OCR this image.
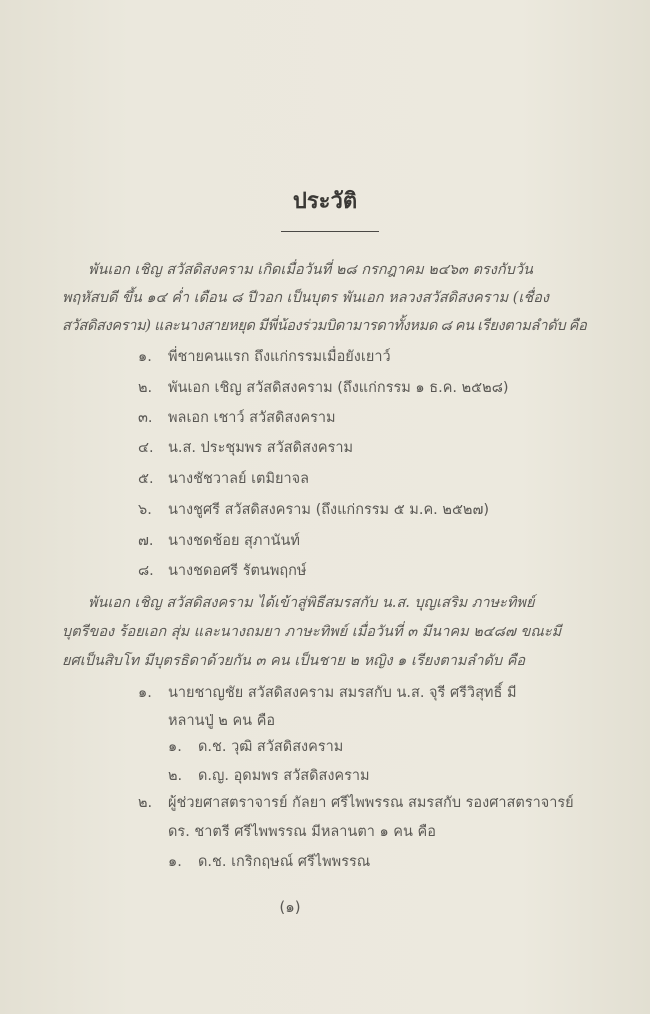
ประวัติ
พันเอก เชิญ สวัสดิสงคราม เกิดเมื่อวันที่ ๒๘ กรกฎาคม ๒๔๖๓ ตรงกับวัน
พฤหัสบดี ขึ้น ๑๔ ค่ำ เดือน ๘ ปีวอก เป็นบุตร พันเอก หลวงสวัสดิสงคราม (เชื่อง
สวัสดิสงคราม) และนางสายหยุด มีพี่น้องร่วมบิดามารดาทั้งหมด ๘ คน เรียงตามลำดับ คือ
๑. พี่ชายคนแรก ถึงแก่กรรมเมื่อยังเยาว์
๒. พันเอก เชิญ สวัสดิสงคราม (ถึงแก่กรรม ๑ ธ.ค. ๒๕๒๘)
๓. พลเอก เชาว์ สวัสดิสงคราม
๔. น.ส. ประชุมพร สวัสดิสงคราม
๕. นางชัชวาลย์ เตมิยาจล
๖. นางชูศรี สวัสดิสงคราม (ถึงแก่กรรม ๕ ม.ค. ๒๕๒๗)
๗. นางชดช้อย สุภานันท์
๘. นางชดอศรี รัตนพฤกษ์
พันเอก เชิญ สวัสดิสงคราม ได้เข้าสู่พิธีสมรสกับ น.ส. บุญเสริม ภาษะทิพย์
บุตรีของ ร้อยเอก สุ่ม และนางถมยา ภาษะทิพย์ เมื่อวันที่ ๓ มีนาคม ๒๔๘๗ ขณะมี
ยศเป็นสิบโท มีบุตรธิดาด้วยกัน ๓ คน เป็นชาย ๒ หญิง ๑ เรียงตามลำดับ คือ
๑. นายชาญชัย สวัสดิสงคราม สมรสกับ น.ส. จุรี ศรีวิสุทธิ์ มี
หลานปู่ ๒ คน คือ
๑. ด.ช. วุฒิ สวัสดิสงคราม
๒. ด.ญ. อุดมพร สวัสดิสงคราม
๒. ผู้ช่วยศาสตราจารย์ กัลยา ศรีไพพรรณ สมรสกับ รองศาสตราจารย์
ดร. ชาตรี ศรีไพพรรณ มีหลานตา ๑ คน คือ
๑. ด.ช. เกริกฤษณ์ ศรีไพพรรณ
(๑)
